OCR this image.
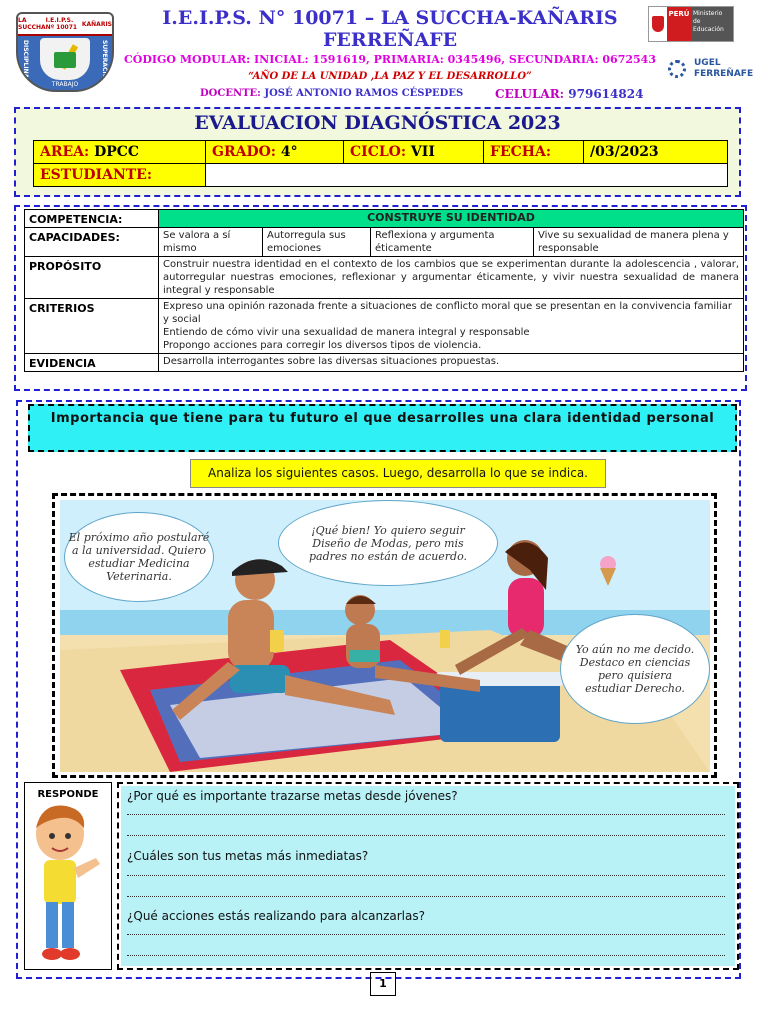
LA SUCCHA
I.E.I.P.S. Nº 10071 KAÑARIS
DISCIPLINA	SUPERACIÓN
TRABAJO
I.E.I.P.S. N° 10071 – LA SUCCHA-KAÑARIS
FERREÑAFE
CÓDIGO MODULAR: INICIAL: 1591619, PRIMARIA: 0345496, SECUNDARIA: 0672543
“AÑO DE LA UNIDAD ,LA PAZ Y EL DESARROLLO”
DOCENTE: JOSÉ ANTONIO RAMOS CÉSPEDES	CELULAR: 979614824
PERÚ Ministerio de Educación
UGEL
FERREÑAFE
EVALUACION DIAGNÓSTICA 2023
AREA: DPCC	GRADO: 4°	CICLO: VII	FECHA:	/03/2023
ESTUDIANTE:				
COMPETENCIA:	CONSTRUYE SU IDENTIDAD			
CAPACIDADES:	Se valora a sí mismo	Autorregula sus emociones	Reflexiona y argumenta éticamente	Vive su sexualidad de manera plena y responsable
PROPÓSITO	Construir nuestra identidad en el contexto de los cambios que se experimentan durante la adolescencia , valorar, autorregular nuestras emociones, reflexionar y argumentar éticamente, y vivir nuestra sexualidad de manera integral y responsable			
CRITERIOS	Expreso una opinión razonada frente a situaciones de conflicto moral que se presentan en la convivencia familiar y social
Entiendo de cómo vivir una sexualidad de manera integral y responsable
Propongo acciones para corregir los diversos tipos de violencia.			

EVIDENCIA	Desarrolla interrogantes sobre las diversas situaciones propuestas.			
Importancia que tiene para tu futuro el que desarrolles una clara identidad personal
Analiza los siguientes casos. Luego, desarrolla lo que se indica.
El próximo año postularé a la universidad. Quiero estudiar Medicina Veterinaria.
¡Qué bien! Yo quiero seguir Diseño de Modas, pero mis padres no están de acuerdo.
Yo aún no me decido. Destaco en ciencias pero quisiera estudiar Derecho.
RESPONDE	¿Por qué es importante trazarse metas desde jóvenes?
¿Cuáles son tus metas más inmediatas?
¿Qué acciones estás realizando para alcanzarlas?
1
